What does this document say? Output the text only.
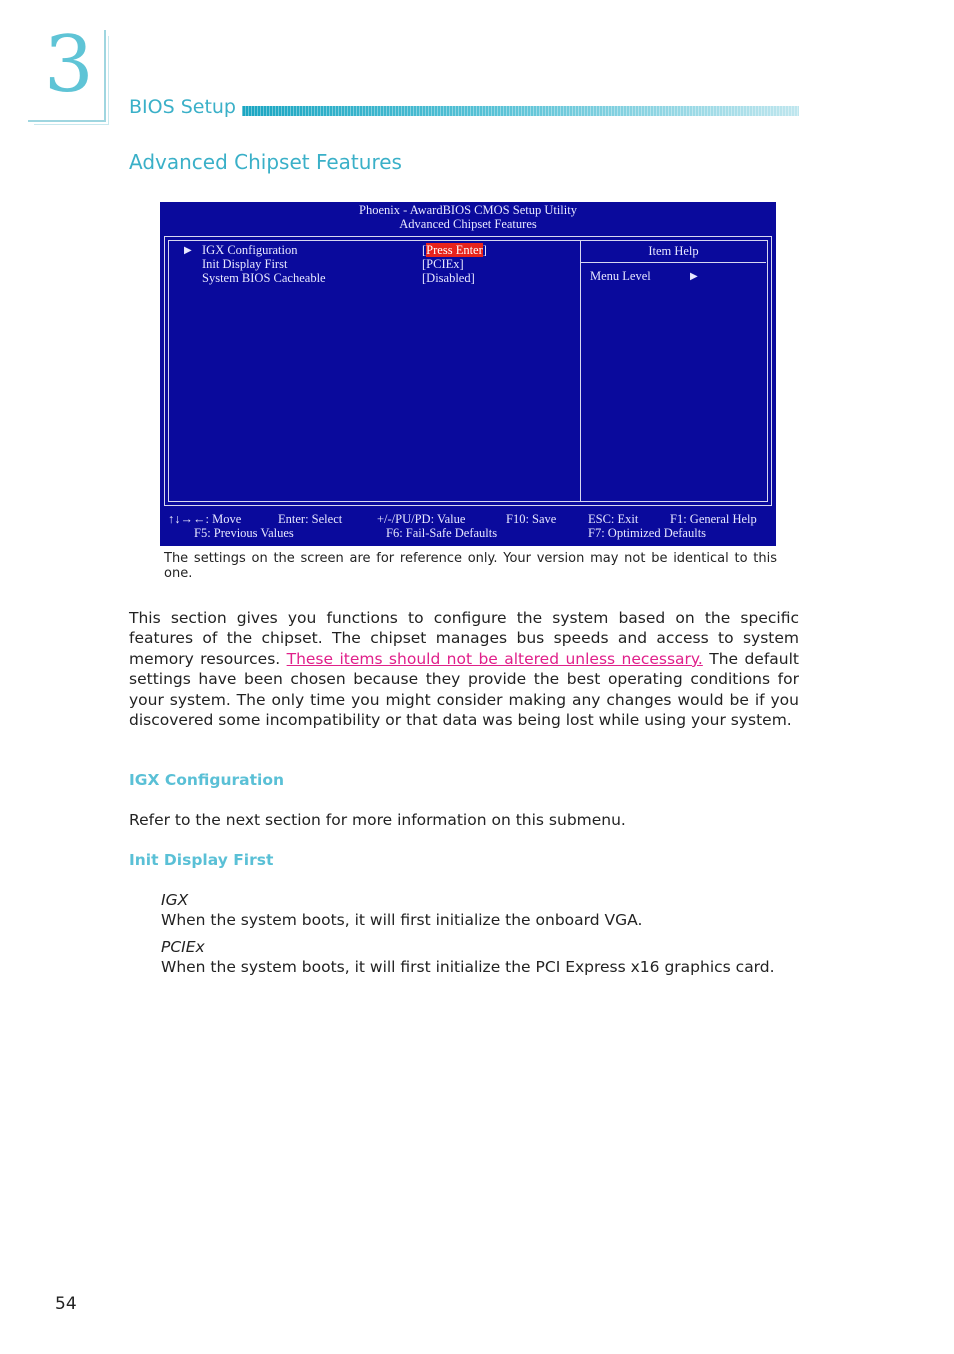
3 BIOS Setup
Advanced Chipset Features
Phoenix - AwardBIOS CMOS Setup Utility
Advanced Chipset Features
▶ IGX Configuration	[Press Enter]
Init Display First	[PCIEx]
System BIOS Cacheable	[Disabled]
Item Help
Menu Level	▶
↑↓→←: Move	Enter: Select	+/-/PU/PD: Value	F10: Save	ESC: Exit	F1: General Help
F5: Previous Values	F6: Fail-Safe Defaults	F7: Optimized Defaults
The settings on the screen are for reference only. Your version may not be identical to this one.
This section gives you functions to configure the system based on the specific features of the chipset. The chipset manages bus speeds and access to system memory resources. These items should not be altered unless necessary. The default settings have been chosen because they provide the best operating conditions for your system. The only time you might consider making any changes would be if you discovered some incompatibility or that data was being lost while using your system.
IGX Configuration
Refer to the next section for more information on this submenu.
Init Display First
IGX
When the system boots, it will first initialize the onboard VGA.
PCIEx
When the system boots, it will first initialize the PCI Express x16 graphics card.
54
